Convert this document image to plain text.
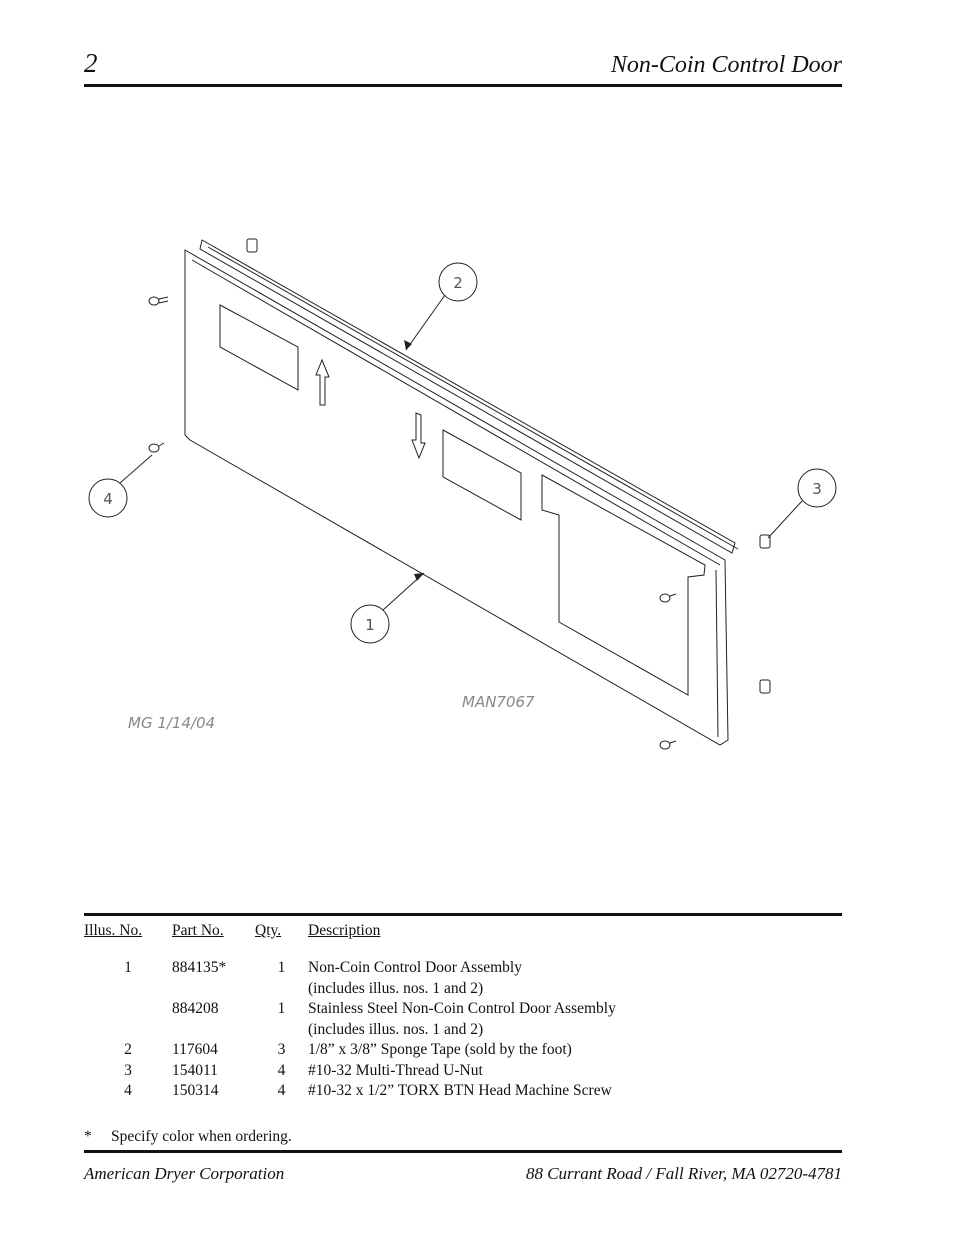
2	Non-Coin Control Door
2
4
3
1
MAN7067
MG 1/14/04
Illus. No.	Part No.	Qty.	Description
1	884135*	1	Non-Coin Control Door Assembly
			(includes illus. nos. 1 and 2)
	884208	1	Stainless Steel Non-Coin Control Door Assembly
			(includes illus. nos. 1 and 2)
2	117604	3	1/8” x 3/8” Sponge Tape (sold by the foot)
3	154011	4	#10-32 Multi-Thread U-Nut
4	150314	4	#10-32 x 1/2” TORX BTN Head Machine Screw
* Specify color when ordering.
American Dryer Corporation	88 Currant Road / Fall River, MA 02720-4781
